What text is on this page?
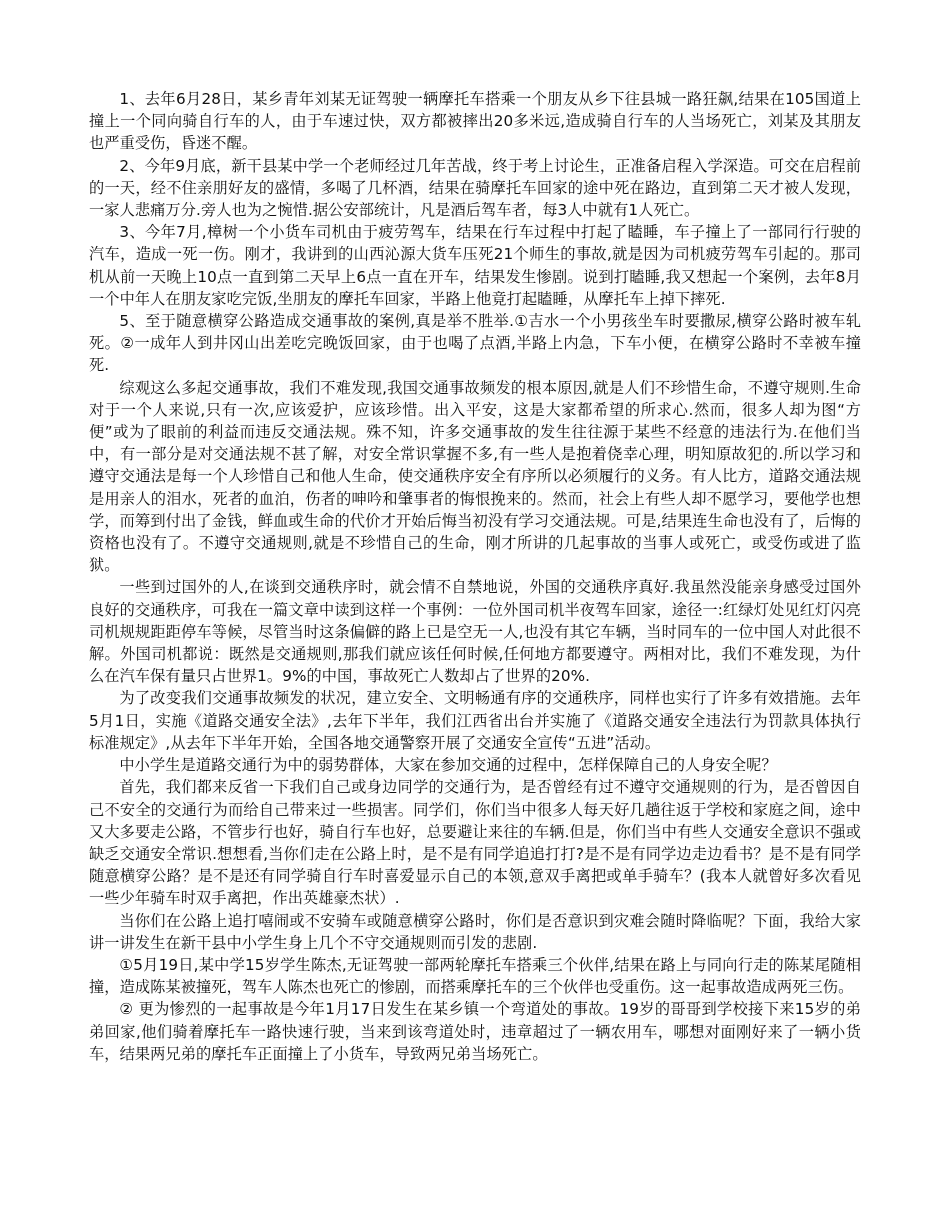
1、去年6月28日，某乡青年刘某无证驾驶一辆摩托车搭乘一个朋友从乡下往县城一路狂飙,结果在105国道上撞上一个同向骑自行车的人，由于车速过快，双方都被摔出20多米远,造成骑自行车的人当场死亡，刘某及其朋友也严重受伤，昏迷不醒。

2、今年9月底，新干县某中学一个老师经过几年苦战，终于考上讨论生，正准备启程入学深造。可交在启程前的一天，经不住亲朋好友的盛情，多喝了几杯酒，结果在骑摩托车回家的途中死在路边，直到第二天才被人发现，一家人悲痛万分.旁人也为之惋惜.据公安部统计，凡是酒后驾车者，每3人中就有1人死亡。

3、今年7月,樟树一个小货车司机由于疲劳驾车，结果在行车过程中打起了瞌睡，车子撞上了一部同行行驶的汽车，造成一死一伤。刚才，我讲到的山西沁源大货车压死21个师生的事故,就是因为司机疲劳驾车引起的。那司机从前一天晚上10点一直到第二天早上6点一直在开车，结果发生惨剧。说到打瞌睡,我又想起一个案例，去年8月一个中年人在朋友家吃完饭,坐朋友的摩托车回家，半路上他竟打起瞌睡，从摩托车上掉下摔死.

5、至于随意横穿公路造成交通事故的案例,真是举不胜举.①吉水一个小男孩坐车时要撒尿,横穿公路时被车轧死。②一成年人到井冈山出差吃完晚饭回家，由于也喝了点酒,半路上内急，下车小便，在横穿公路时不幸被车撞死.

综观这么多起交通事故，我们不难发现,我国交通事故频发的根本原因,就是人们不珍惜生命，不遵守规则.生命对于一个人来说,只有一次,应该爱护，应该珍惜。出入平安，这是大家都希望的所求心.然而，很多人却为图“方便”或为了眼前的利益而违反交通法规。殊不知，许多交通事故的发生往往源于某些不经意的违法行为.在他们当中，有一部分是对交通法规不甚了解，对安全常识掌握不多,有一些人是抱着侥幸心理，明知原故犯的.所以学习和遵守交通法是每一个人珍惜自己和他人生命，使交通秩序安全有序所以必须履行的义务。有人比方，道路交通法规是用亲人的泪水，死者的血泊，伤者的呻吟和肇事者的悔恨挽来的。然而，社会上有些人却不愿学习，要他学也想学，而筹到付出了金钱，鲜血或生命的代价才开始后悔当初没有学习交通法规。可是,结果连生命也没有了，后悔的资格也没有了。不遵守交通规则,就是不珍惜自己的生命，刚才所讲的几起事故的当事人或死亡，或受伤或进了监狱。

一些到过国外的人,在谈到交通秩序时，就会情不自禁地说，外国的交通秩序真好.我虽然没能亲身感受过国外良好的交通秩序，可我在一篇文章中读到这样一个事例：一位外国司机半夜驾车回家，途径一:红绿灯处见红灯闪亮司机规规距距停车等候，尽管当时这条偏僻的路上已是空无一人,也没有其它车辆，当时同车的一位中国人对此很不解。外国司机都说：既然是交通规则,那我们就应该任何时候,任何地方都要遵守。两相对比，我们不难发现，为什么在汽车保有量只占世界1。9%的中国，事故死亡人数却占了世界的20%.

为了改变我们交通事故频发的状况，建立安全、文明畅通有序的交通秩序，同样也实行了许多有效措施。去年5月1日，实施《道路交通安全法》,去年下半年，我们江西省出台并实施了《道路交通安全违法行为罚款具体执行标准规定》,从去年下半年开始，全国各地交通警察开展了交通安全宣传“五进”活动。

中小学生是道路交通行为中的弱势群体，大家在参加交通的过程中，怎样保障自己的人身安全呢？

首先，我们都来反省一下我们自己或身边同学的交通行为，是否曾经有过不遵守交通规则的行为，是否曾因自己不安全的交通行为而给自己带来过一些损害。同学们，你们当中很多人每天好几趟往返于学校和家庭之间，途中又大多要走公路，不管步行也好，骑自行车也好，总要避让来往的车辆.但是，你们当中有些人交通安全意识不强或缺乏交通安全常识.想想看,当你们走在公路上时，是不是有同学追追打打?是不是有同学边走边看书？是不是有同学随意横穿公路？是不是还有同学骑自行车时喜爱显示自己的本领,意双手离把或单手骑车？(我本人就曾好多次看见一些少年骑车时双手离把，作出英雄豪杰状）.

当你们在公路上追打嘻闹或不安骑车或随意横穿公路时，你们是否意识到灾难会随时降临呢？下面，我给大家讲一讲发生在新干县中小学生身上几个不守交通规则而引发的悲剧.

①5月19日,某中学15岁学生陈杰,无证驾驶一部两轮摩托车搭乘三个伙伴,结果在路上与同向行走的陈某尾随相撞，造成陈某被撞死，驾车人陈杰也死亡的惨剧，而搭乘摩托车的三个伙伴也受重伤。这一起事故造成两死三伤。

② 更为惨烈的一起事故是今年1月17日发生在某乡镇一个弯道处的事故。19岁的哥哥到学校接下来15岁的弟弟回家,他们骑着摩托车一路快速行驶，当来到该弯道处时，违章超过了一辆农用车，哪想对面刚好来了一辆小货车，结果两兄弟的摩托车正面撞上了小货车，导致两兄弟当场死亡。
